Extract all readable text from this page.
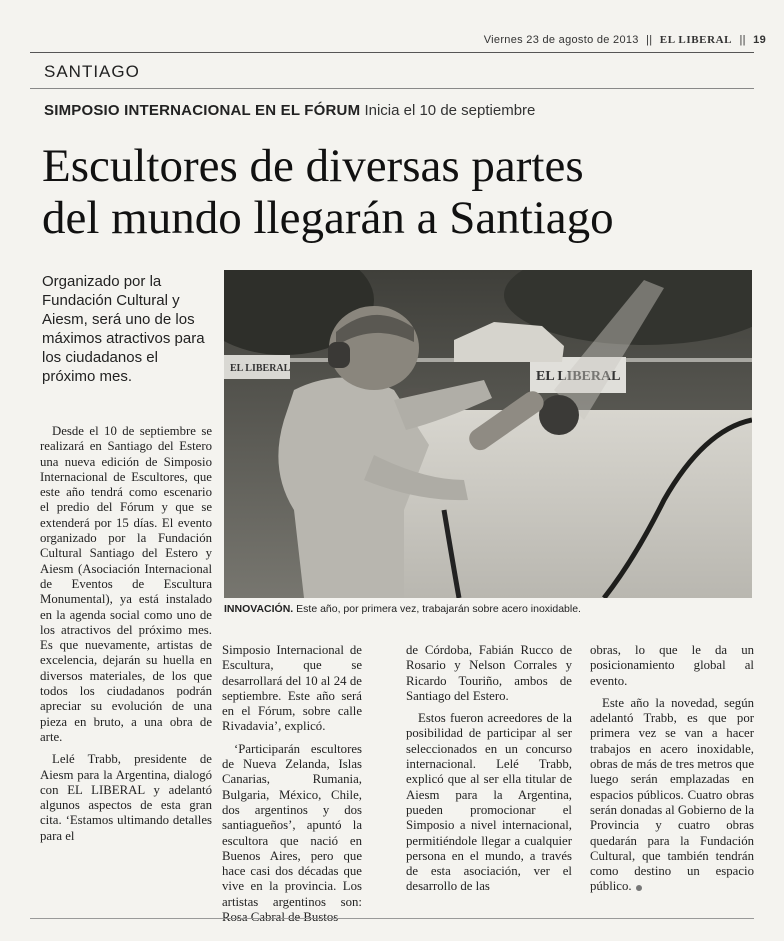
Viernes 23 de agosto de 2013 || EL LIBERAL || 19
SANTIAGO
SIMPOSIO INTERNACIONAL EN EL FÓRUM Inicia el 10 de septiembre
Escultores de diversas partes
del mundo llegarán a Santiago
Organizado por la Fundación Cultural y Aiesm, será uno de los máximos atractivos para los ciudadanos el próximo mes.	EL LIBERAL
EL LIBERAL
INNOVACIÓN. Este año, por primera vez, trabajarán sobre acero inoxidable.

Desde el 10 de septiembre se realizará en Santiago del Estero una nueva edición de Simposio Internacional de Escultores, que este año tendrá como escenario el predio del Fórum y que se extenderá por 15 días. El evento organizado por la Fundación Cultural Santiago del Estero y Aiesm (Asociación Internacional de Eventos de Escultura Monumental), ya está instalado en la agenda social como uno de los atractivos del próximo mes. Es que nuevamente, artistas de excelencia, dejarán su huella en diversos materiales, de los que todos los ciudadanos podrán apreciar su evolución de una pieza en bruto, a una obra de arte.

Lelé Trabb, presidente de Aiesm para la Argentina, dialogó con EL LIBERAL y adelantó algunos aspectos de esta gran cita. ‘Estamos ultimando detalles para el

Simposio Internacional de Escultura, que se desarrollará del 10 al 24 de septiembre. Este año será en el Fórum, sobre calle Rivadavia’, explicó.

‘Participarán escultores de Nueva Zelanda, Islas Canarias, Rumania, Bulgaria, México, Chile, dos argentinos y dos santiagueños’, apuntó la escultora que nació en Buenos Aires, pero que hace casi dos décadas que vive en la provincia. Los artistas argentinos son:

de Córdoba, Fabián Rucco de Rosario y Nelson Corrales y Ricardo Touriño, ambos de Santiago del Estero.

Estos fueron acreedores de la posibilidad de participar al ser seleccionados en un concurso internacional. Lelé Trabb, explicó que al ser ella titular de Aiesm para la Argentina, pueden promocionar el Simposio a nivel internacional, permitiéndole llegar a cualquier persona en el mundo, a través de esta asociación, ver el desarrollo de las

obras, lo que le da un posicionamiento global al evento.

Este año la novedad, según adelantó Trabb, es que por primera vez se van a hacer trabajos en acero inoxidable, obras de más de tres metros que luego serán emplazadas en espacios públicos. Cuatro obras serán donadas al Gobierno de la Provincia y cuatro obras quedarán para la Fundación Cultural, que también tendrán como destino un espacio público.
